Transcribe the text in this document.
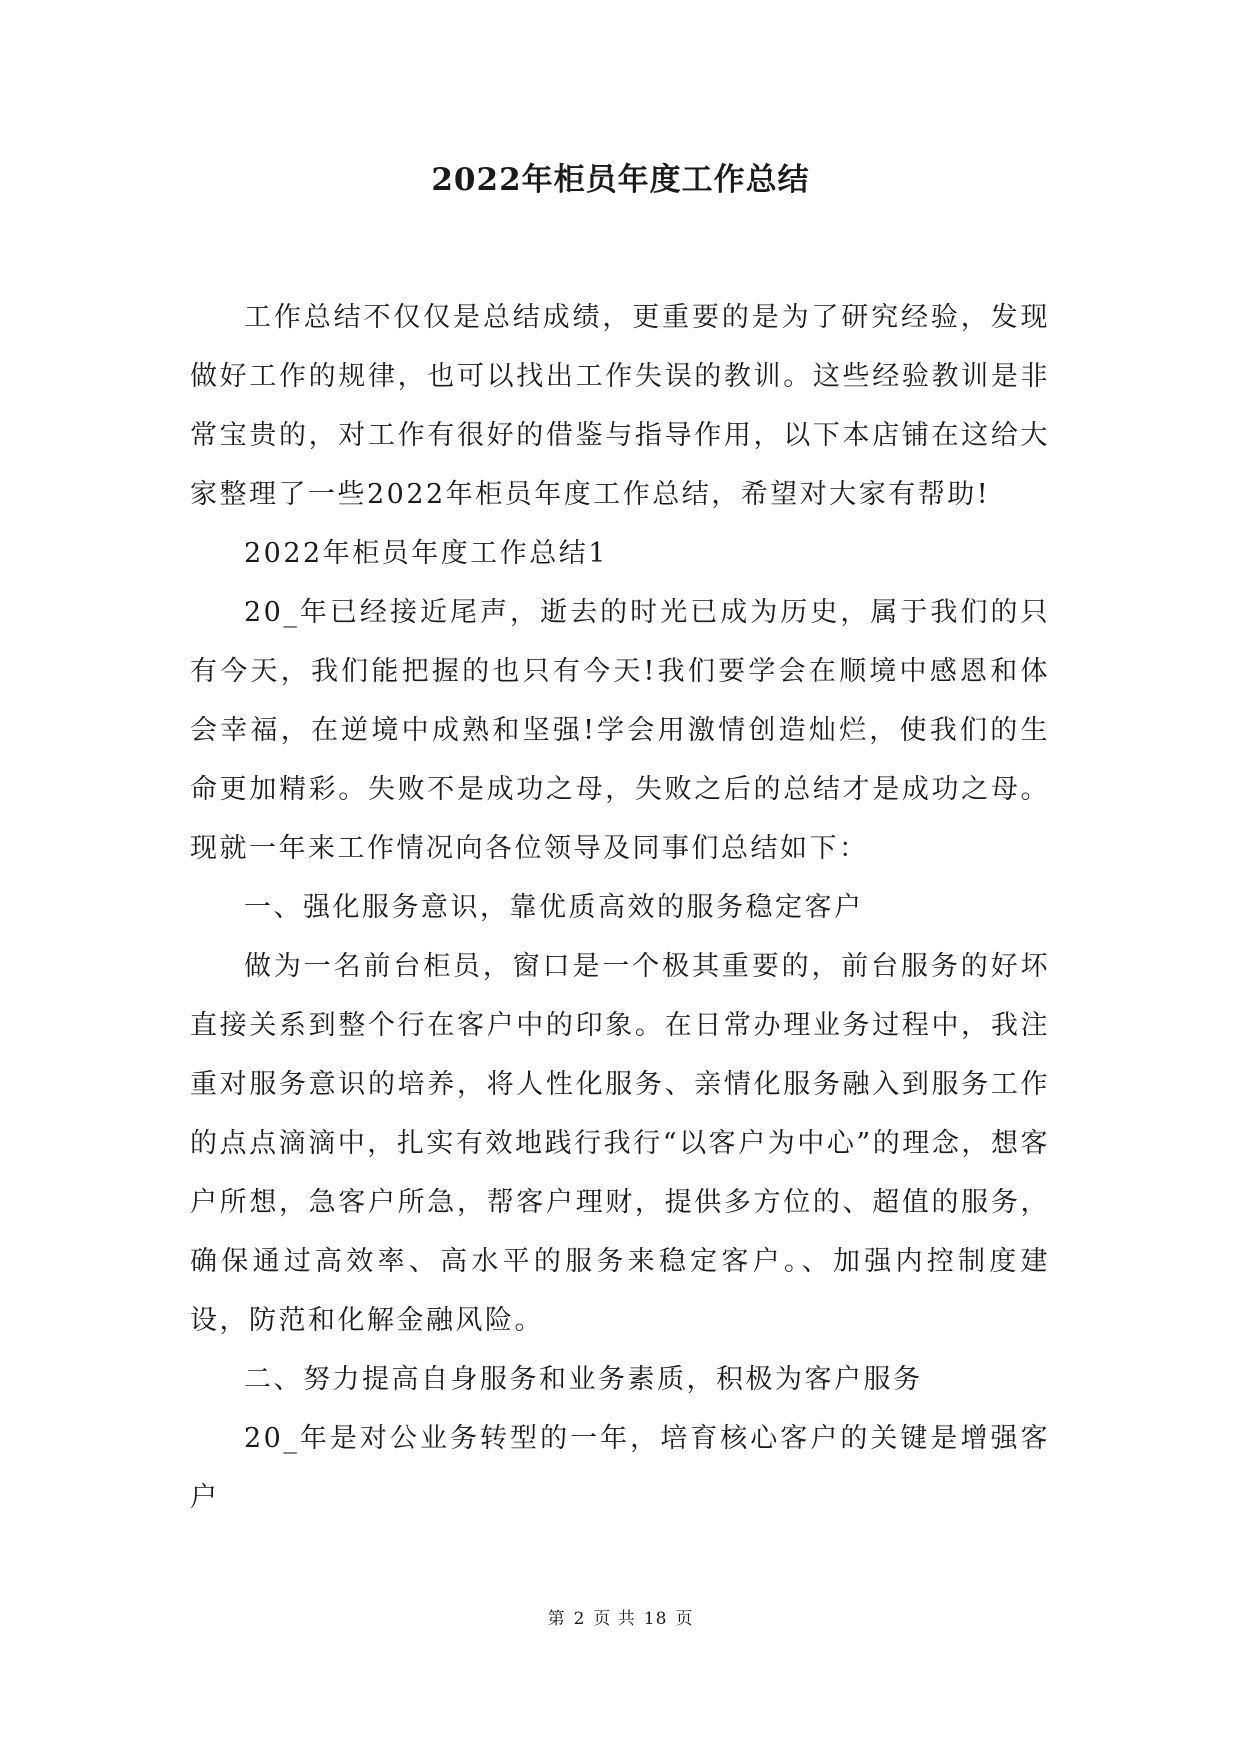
2022年柜员年度工作总结

工作总结不仅仅是总结成绩，更重要的是为了研究经验，发现做好工作的规律，也可以找出工作失误的教训。这些经验教训是非常宝贵的，对工作有很好的借鉴与指导作用，以下本店铺在这给大家整理了一些2022年柜员年度工作总结，希望对大家有帮助!

2022年柜员年度工作总结1

20_年已经接近尾声，逝去的时光已成为历史，属于我们的只有今天，我们能把握的也只有今天!我们要学会在顺境中感恩和体会幸福，在逆境中成熟和坚强!学会用激情创造灿烂，使我们的生命更加精彩。失败不是成功之母，失败之后的总结才是成功之母。现就一年来工作情况向各位领导及同事们总结如下：

一、强化服务意识，靠优质高效的服务稳定客户

做为一名前台柜员，窗口是一个极其重要的，前台服务的好坏直接关系到整个行在客户中的印象。在日常办理业务过程中，我注重对服务意识的培养，将人性化服务、亲情化服务融入到服务工作的点点滴滴中，扎实有效地践行我行“以客户为中心”的理念，想客户所想，急客户所急，帮客户理财，提供多方位的、超值的服务，确保通过高效率、高水平的服务来稳定客户。、加强内控制度建设，防范和化解金融风险。

二、努力提高自身服务和业务素质，积极为客户服务

20_年是对公业务转型的一年，培育核心客户的关键是增强客户

第 2 页 共 18 页
